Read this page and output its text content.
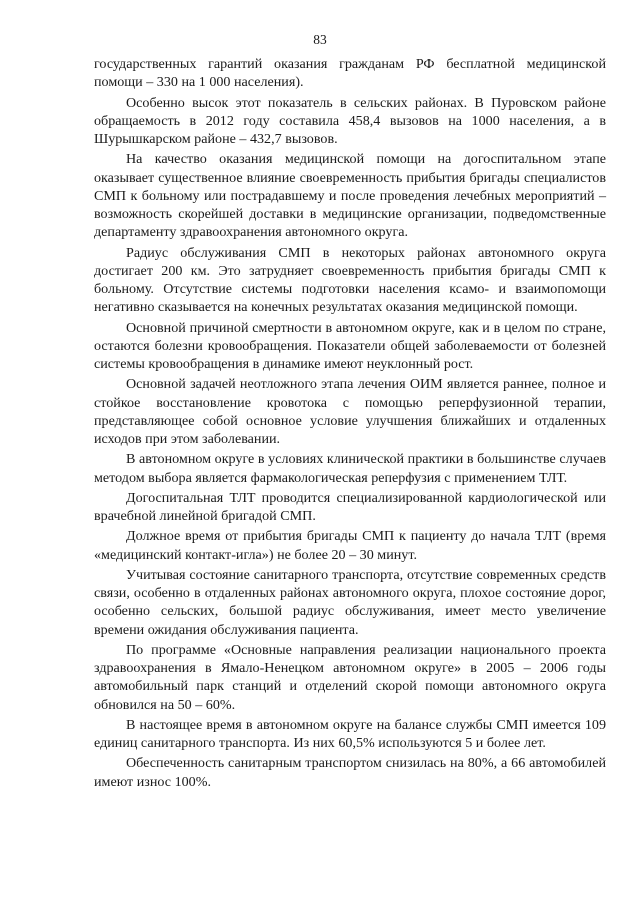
83

государственных гарантий оказания гражданам РФ бесплатной медицинской помощи – 330 на 1 000 населения).

Особенно высок этот показатель в сельских районах. В Пуровском районе обращаемость в 2012 году составила 458,4 вызовов на 1000 населения, а в Шурышкарском районе – 432,7 вызовов.

На качество оказания медицинской помощи на догоспитальном этапе оказывает существенное влияние своевременность прибытия бригады специалистов СМП к больному или пострадавшему и после проведения лечебных мероприятий – возможность скорейшей доставки в медицинские организации, подведомственные департаменту здравоохранения автономного округа.

Радиус обслуживания СМП в некоторых районах автономного округа достигает 200 км. Это затрудняет своевременность прибытия бригады СМП к больному. Отсутствие системы подготовки населения ксамо- и взаимопомощи негативно сказывается на конечных результатах оказания медицинской помощи.

Основной причиной смертности в автономном округе, как и в целом по стране, остаются болезни кровообращения. Показатели общей заболеваемости от болезней системы кровообращения в динамике имеют неуклонный рост.

Основной задачей неотложного этапа лечения ОИМ является раннее, полное и стойкое восстановление кровотока с помощью реперфузионной терапии, представляющее собой основное условие улучшения ближайших и отдаленных исходов при этом заболевании.

В автономном округе в условиях клинической практики в большинстве случаев методом выбора является фармакологическая реперфузия с применением ТЛТ.

Догоспитальная ТЛТ проводится специализированной кардиологической или врачебной линейной бригадой СМП.

Должное время от прибытия бригады СМП к пациенту до начала ТЛТ (время «медицинский контакт-игла») не более 20 – 30 минут.

Учитывая состояние санитарного транспорта, отсутствие современных средств связи, особенно в отдаленных районах автономного округа, плохое состояние дорог, особенно сельских, большой радиус обслуживания, имеет место увеличение времени ожидания обслуживания пациента.

По программе «Основные направления реализации национального проекта здравоохранения в Ямало-Ненецком автономном округе» в 2005 – 2006 годы автомобильный парк станций и отделений скорой помощи автономного округа обновился на 50 – 60%.

В настоящее время в автономном округе на балансе службы СМП имеется 109 единиц санитарного транспорта. Из них 60,5% используются 5 и более лет.

Обеспеченность санитарным транспортом снизилась на 80%, а 66 автомобилей имеют износ 100%.
